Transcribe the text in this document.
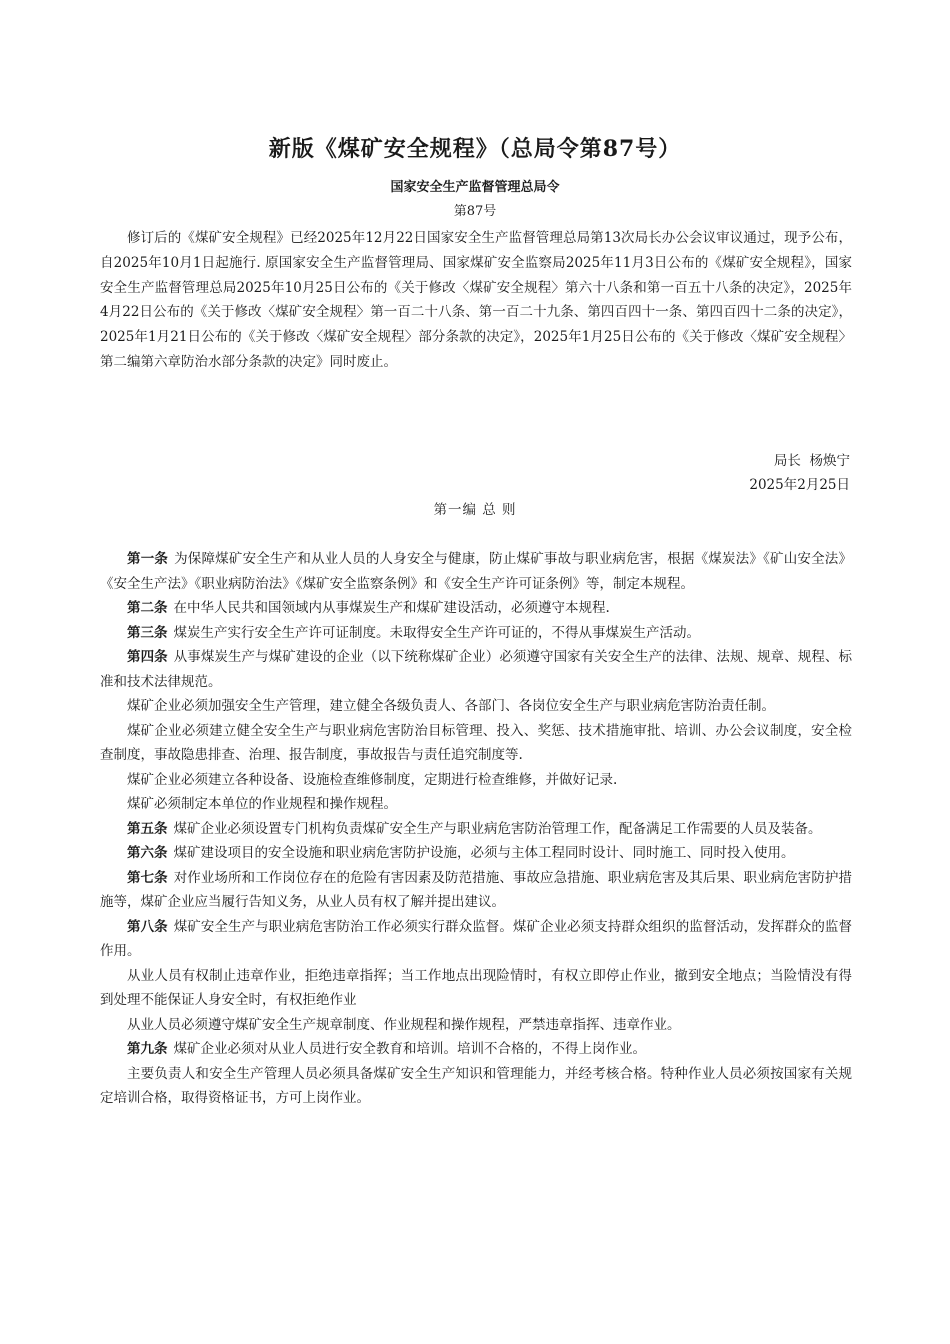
新版《煤矿安全规程》（总局令第87号）
国家安全生产监督管理总局令
第87号

修订后的《煤矿安全规程》已经2025年12月22日国家安全生产监督管理总局第13次局长办公会议审议通过，现予公布，自2025年10月1日起施行. 原国家安全生产监督管理局、国家煤矿安全监察局2025年11月3日公布的《煤矿安全规程》，国家安全生产监督管理总局2025年10月25日公布的《关于修改〈煤矿安全规程〉第六十八条和第一百五十八条的决定》，2025年4月22日公布的《关于修改〈煤矿安全规程〉第一百二十八条、第一百二十九条、第四百四十一条、第四百四十二条的决定》，2025年1月21日公布的《关于修改〈煤矿安全规程〉部分条款的决定》，2025年1月25日公布的《关于修改〈煤矿安全规程〉第二编第六章防治水部分条款的决定》同时废止。

局长  杨焕宁
2025年2月25日
第一编 总 则

第一条 为保障煤矿安全生产和从业人员的人身安全与健康，防止煤矿事故与职业病危害，根据《煤炭法》《矿山安全法》《安全生产法》《职业病防治法》《煤矿安全监察条例》和《安全生产许可证条例》等，制定本规程。

第二条 在中华人民共和国领域内从事煤炭生产和煤矿建设活动，必须遵守本规程.

第三条 煤炭生产实行安全生产许可证制度。未取得安全生产许可证的，不得从事煤炭生产活动。

第四条 从事煤炭生产与煤矿建设的企业（以下统称煤矿企业）必须遵守国家有关安全生产的法律、法规、规章、规程、标准和技术法律规范。

煤矿企业必须加强安全生产管理，建立健全各级负责人、各部门、各岗位安全生产与职业病危害防治责任制。

煤矿企业必须建立健全安全生产与职业病危害防治目标管理、投入、奖惩、技术措施审批、培训、办公会议制度，安全检查制度，事故隐患排查、治理、报告制度，事故报告与责任追究制度等.

煤矿企业必须建立各种设备、设施检查维修制度，定期进行检查维修，并做好记录.

煤矿必须制定本单位的作业规程和操作规程。

第五条 煤矿企业必须设置专门机构负责煤矿安全生产与职业病危害防治管理工作，配备满足工作需要的人员及装备。

第六条 煤矿建设项目的安全设施和职业病危害防护设施，必须与主体工程同时设计、同时施工、同时投入使用。

第七条 对作业场所和工作岗位存在的危险有害因素及防范措施、事故应急措施、职业病危害及其后果、职业病危害防护措施等，煤矿企业应当履行告知义务，从业人员有权了解并提出建议。

第八条 煤矿安全生产与职业病危害防治工作必须实行群众监督。煤矿企业必须支持群众组织的监督活动，发挥群众的监督作用。

从业人员有权制止违章作业，拒绝违章指挥；当工作地点出现险情时，有权立即停止作业，撤到安全地点；当险情没有得到处理不能保证人身安全时，有权拒绝作业

从业人员必须遵守煤矿安全生产规章制度、作业规程和操作规程，严禁违章指挥、违章作业。

第九条 煤矿企业必须对从业人员进行安全教育和培训。培训不合格的，不得上岗作业。

主要负责人和安全生产管理人员必须具备煤矿安全生产知识和管理能力，并经考核合格。特种作业人员必须按国家有关规定培训合格，取得资格证书，方可上岗作业。
